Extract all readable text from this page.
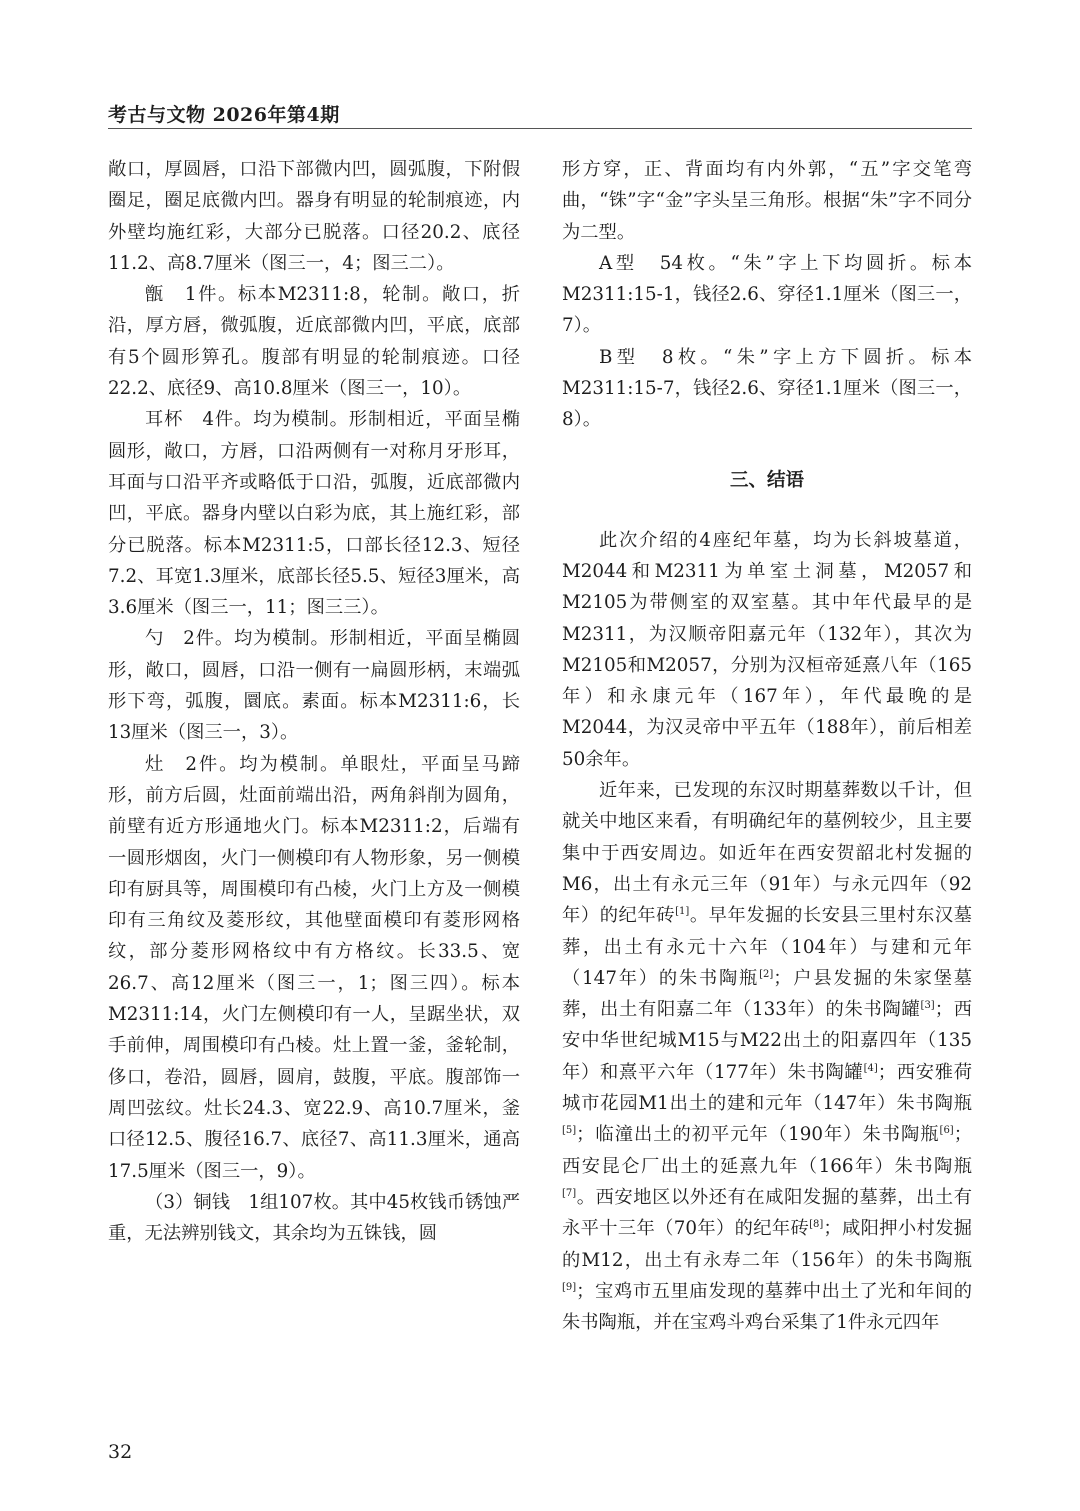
考古与文物 2026年第4期

敞口，厚圆唇，口沿下部微内凹，圆弧腹，下附假圈足，圈足底微内凹。器身有明显的轮制痕迹，内外壁均施红彩，大部分已脱落。口径20.2、底径11.2、高8.7厘米（图三一，4；图三二）。

甑　1件。标本M2311:8，轮制。敞口，折沿，厚方唇，微弧腹，近底部微内凹，平底，底部有5个圆形箅孔。腹部有明显的轮制痕迹。口径22.2、底径9、高10.8厘米（图三一，10）。

耳杯　4件。均为模制。形制相近，平面呈椭圆形，敞口，方唇，口沿两侧有一对称月牙形耳，耳面与口沿平齐或略低于口沿，弧腹，近底部微内凹，平底。器身内壁以白彩为底，其上施红彩，部分已脱落。标本M2311:5，口部长径12.3、短径7.2、耳宽1.3厘米，底部长径5.5、短径3厘米，高3.6厘米（图三一，11；图三三）。

勺　2件。均为模制。形制相近，平面呈椭圆形，敞口，圆唇，口沿一侧有一扁圆形柄，末端弧形下弯，弧腹，圜底。素面。标本M2311:6，长13厘米（图三一，3）。

灶　2件。均为模制。单眼灶，平面呈马蹄形，前方后圆，灶面前端出沿，两角斜削为圆角，前壁有近方形通地火门。标本M2311:2，后端有一圆形烟囱，火门一侧模印有人物形象，另一侧模印有厨具等，周围模印有凸棱，火门上方及一侧模印有三角纹及菱形纹，其他壁面模印有菱形网格纹，部分菱形网格纹中有方格纹。长33.5、宽26.7、高12厘米（图三一，1；图三四）。标本M2311:14，火门左侧模印有一人，呈踞坐状，双手前伸，周围模印有凸棱。灶上置一釜，釜轮制，侈口，卷沿，圆唇，圆肩，鼓腹，平底。腹部饰一周凹弦纹。灶长24.3、宽22.9、高10.7厘米，釜口径12.5、腹径16.7、底径7、高11.3厘米，通高17.5厘米（图三一，9）。

（3）铜钱　1组107枚。其中45枚钱币锈蚀严重，无法辨别钱文，其余均为五铢钱，圆

形方穿，正、背面均有内外郭，“五”字交笔弯曲，“铢”字“金”字头呈三角形。根据“朱”字不同分为二型。

A型　54枚。“朱”字上下均圆折。标本M2311:15-1，钱径2.6、穿径1.1厘米（图三一，7）。

B型　8枚。“朱”字上方下圆折。标本M2311:15-7，钱径2.6、穿径1.1厘米（图三一，8）。

三、结语

此次介绍的4座纪年墓，均为长斜坡墓道，M2044和M2311为单室土洞墓，M2057和M2105为带侧室的双室墓。其中年代最早的是M2311，为汉顺帝阳嘉元年（132年），其次为M2105和M2057，分别为汉桓帝延熹八年（165年）和永康元年（167年），年代最晚的是M2044，为汉灵帝中平五年（188年），前后相差50余年。

近年来，已发现的东汉时期墓葬数以千计，但就关中地区来看，有明确纪年的墓例较少，且主要集中于西安周边。如近年在西安贺韶北村发掘的M6，出土有永元三年（91年）与永元四年（92年）的纪年砖[1]。早年发掘的长安县三里村东汉墓葬，出土有永元十六年（104年）与建和元年（147年）的朱书陶瓶[2]；户县发掘的朱家堡墓葬，出土有阳嘉二年（133年）的朱书陶罐[3]；西安中华世纪城M15与M22出土的阳嘉四年（135年）和熹平六年（177年）朱书陶罐[4]；西安雅荷城市花园M1出土的建和元年（147年）朱书陶瓶[5]；临潼出土的初平元年（190年）朱书陶瓶[6]；西安昆仑厂出土的延熹九年（166年）朱书陶瓶[7]。西安地区以外还有在咸阳发掘的墓葬，出土有永平十三年（70年）的纪年砖[8]；咸阳押小村发掘的M12，出土有永寿二年（156年）的朱书陶瓶[9]；宝鸡市五里庙发现的墓葬中出土了光和年间的朱书陶瓶，并在宝鸡斗鸡台采集了1件永元四年

32
